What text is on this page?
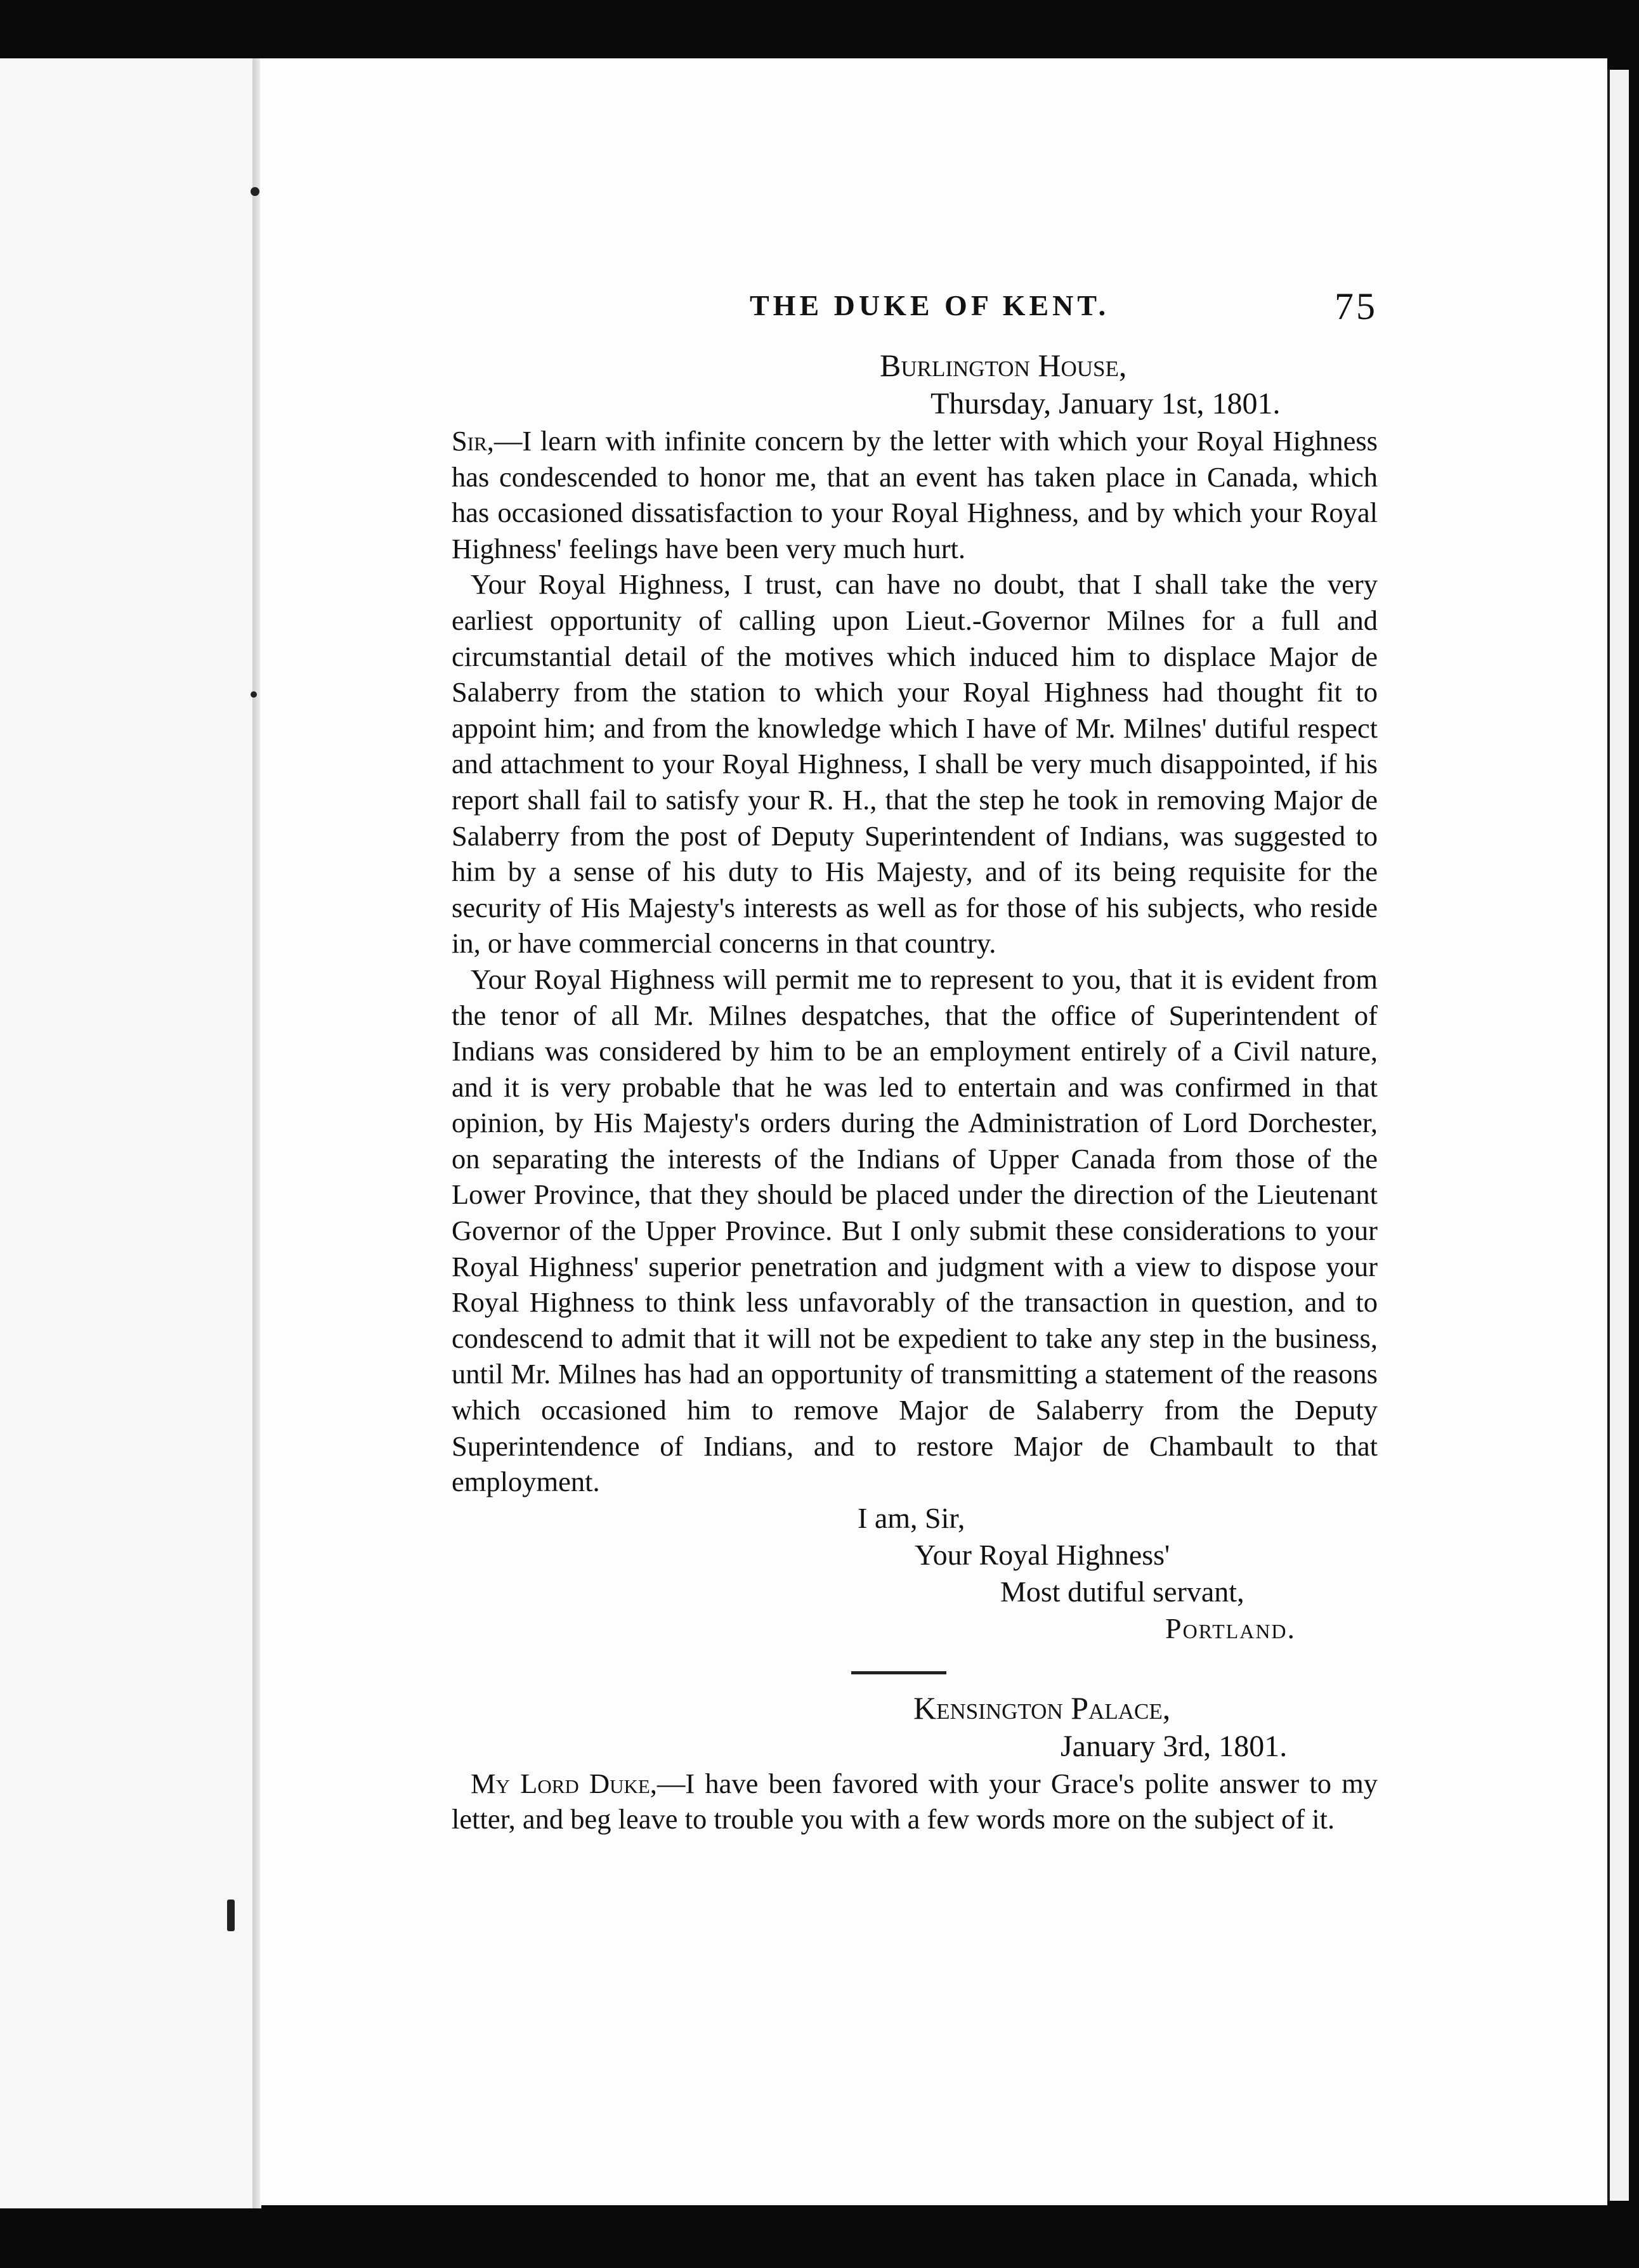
THE DUKE OF KENT.	75
Burlington House,
Thursday, January 1st, 1801.

Sir,—I learn with infinite concern by the letter with which your Royal Highness has condescended to honor me, that an event has taken place in Canada, which has occasioned dissatisfaction to your Royal Highness, and by which your Royal Highness' feelings have been very much hurt.

Your Royal Highness, I trust, can have no doubt, that I shall take the very earliest opportunity of calling upon Lieut.-Governor Milnes for a full and circumstantial detail of the motives which induced him to displace Major de Salaberry from the station to which your Royal Highness had thought fit to appoint him; and from the knowledge which I have of Mr. Milnes' dutiful respect and attachment to your Royal Highness, I shall be very much disappointed, if his report shall fail to satisfy your R. H., that the step he took in removing Major de Salaberry from the post of Deputy Superintendent of Indians, was suggested to him by a sense of his duty to His Majesty, and of its being requisite for the security of His Majesty's interests as well as for those of his subjects, who reside in, or have commercial concerns in that country.

Your Royal Highness will permit me to represent to you, that it is evident from the tenor of all Mr. Milnes despatches, that the office of Superintendent of Indians was considered by him to be an employment entirely of a Civil nature, and it is very probable that he was led to entertain and was confirmed in that opinion, by His Majesty's orders during the Administration of Lord Dorchester, on separating the interests of the Indians of Upper Canada from those of the Lower Province, that they should be placed under the direction of the Lieutenant Governor of the Upper Province. But I only submit these considerations to your Royal Highness' superior penetration and judgment with a view to dispose your Royal Highness to think less unfavorably of the transaction in question, and to condescend to admit that it will not be expedient to take any step in the business, until Mr. Milnes has had an opportunity of transmitting a statement of the reasons which occasioned him to remove Major de Salaberry from the Deputy Superintendence of Indians, and to restore Major de Chambault to that employment.

I am, Sir,
Your Royal Highness'
Most dutiful servant,
Portland.
Kensington Palace,
January 3rd, 1801.

My Lord Duke,—I have been favored with your Grace's polite answer to my letter, and beg leave to trouble you with a few words more on the subject of it.
